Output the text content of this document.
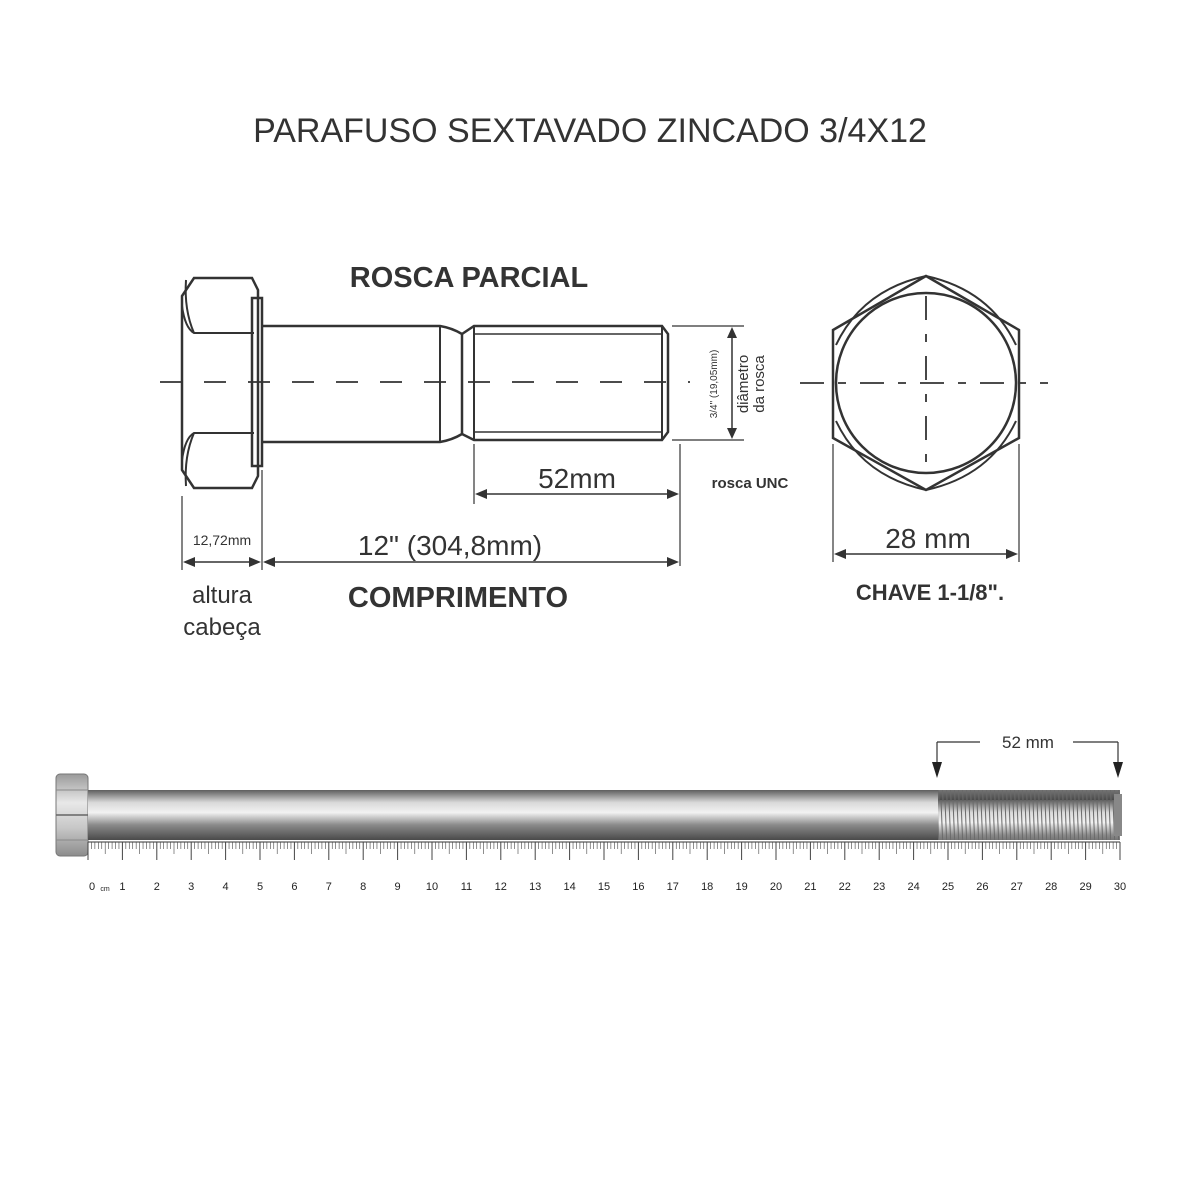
PARAFUSO SEXTAVADO ZINCADO 3/4X12
ROSCA PARCIAL
3/4" (19,05mm) diâmetro da rosca
rosca UNC
52mm
12,72mm	12" (304,8mm)
altura
cabeça
COMPRIMENTO
28 mm
CHAVE 1-1/8".
52 mm
0 1	2	3	4	5	6	7	8	9 10 11 12 13 14 15 16 17 18 19 20 21 22 23 24 25 26 27 28 29 30
cm
